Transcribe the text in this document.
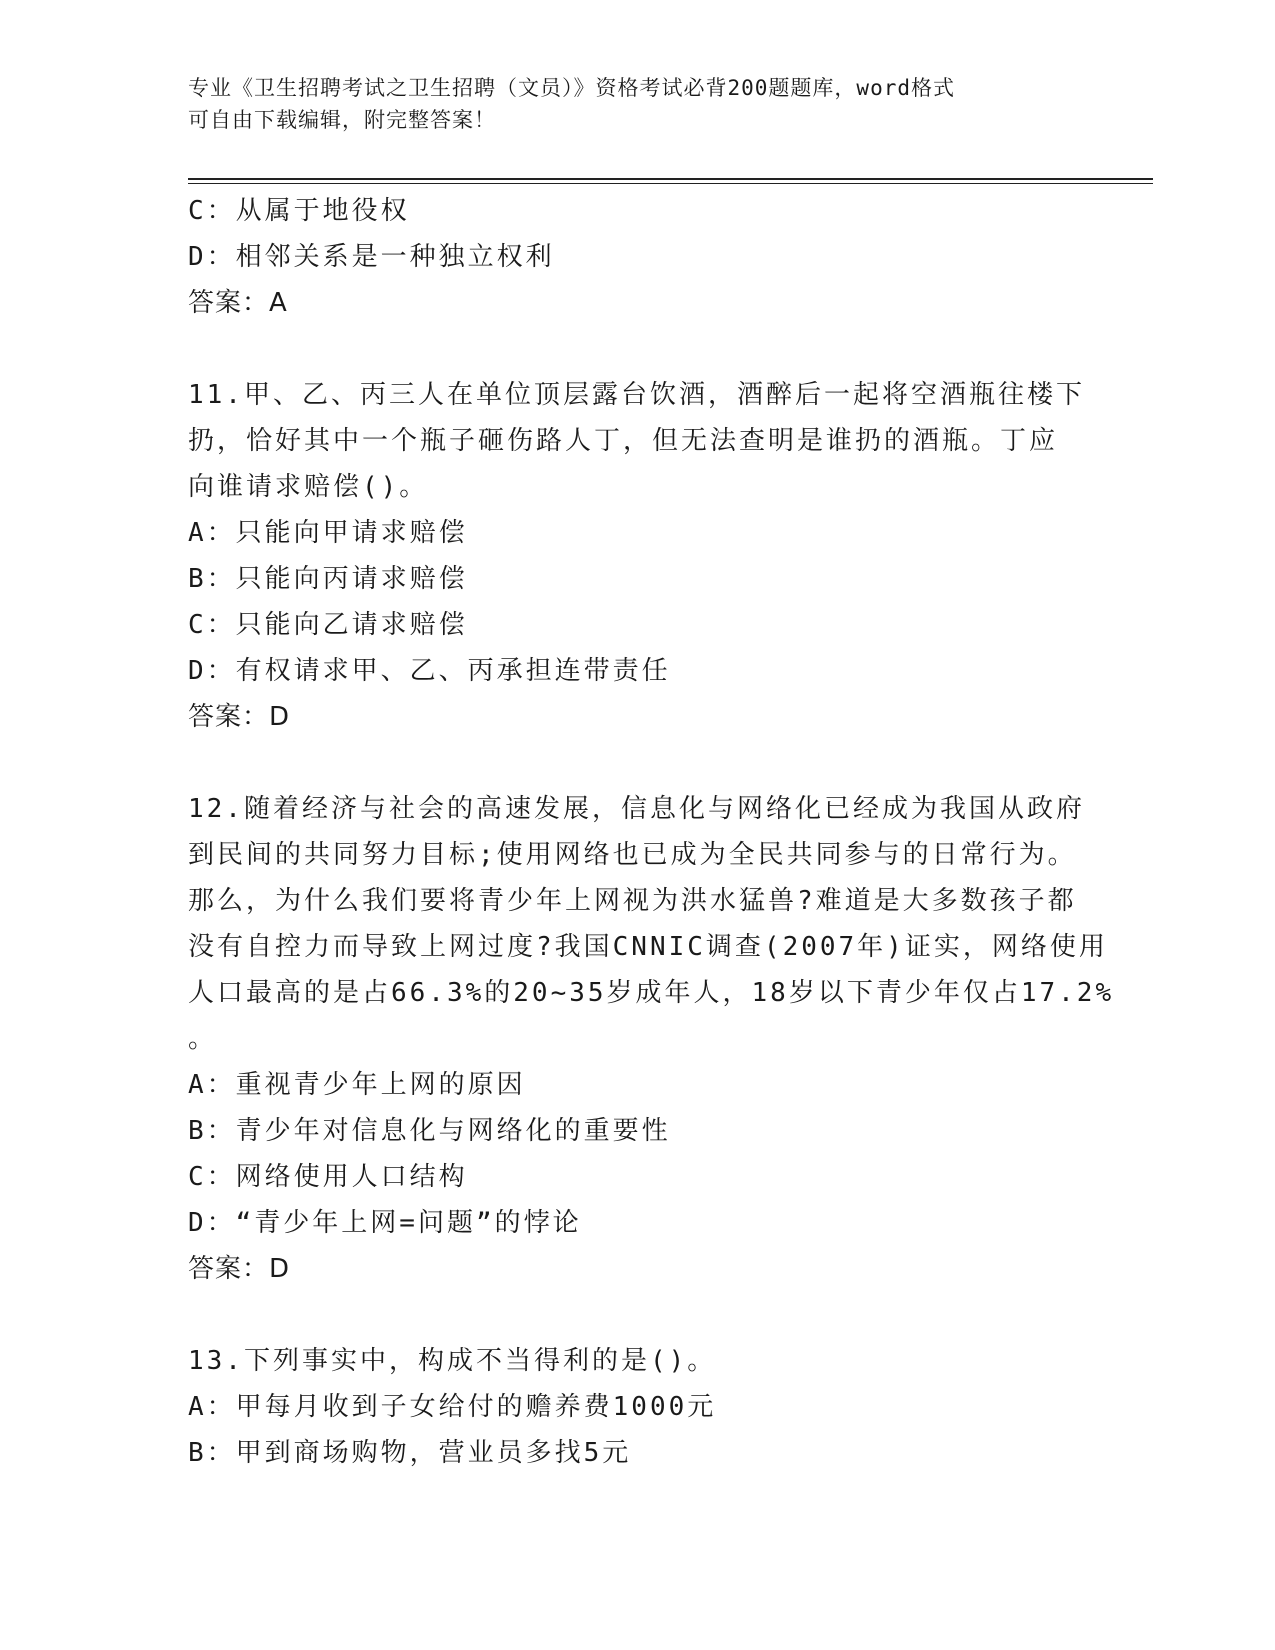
专业《卫生招聘考试之卫生招聘（文员）》资格考试必背200题题库，word格式
可自由下载编辑，附完整答案！
C：从属于地役权
D：相邻关系是一种独立权利
答案：A
11.甲、乙、丙三人在单位顶层露台饮酒，酒醉后一起将空酒瓶往楼下
扔，恰好其中一个瓶子砸伤路人丁，但无法查明是谁扔的酒瓶。丁应
向谁请求赔偿()。
A：只能向甲请求赔偿
B：只能向丙请求赔偿
C：只能向乙请求赔偿
D：有权请求甲、乙、丙承担连带责任
答案：D
12.随着经济与社会的高速发展，信息化与网络化已经成为我国从政府
到民间的共同努力目标;使用网络也已成为全民共同参与的日常行为。
那么，为什么我们要将青少年上网视为洪水猛兽?难道是大多数孩子都
没有自控力而导致上网过度?我国CNNIC调查(2007年)证实，网络使用
人口最高的是占66.3%的20~35岁成年人，18岁以下青少年仅占17.2%
。
A：重视青少年上网的原因
B：青少年对信息化与网络化的重要性
C：网络使用人口结构
D：“青少年上网=问题”的悖论
答案：D
13.下列事实中，构成不当得利的是()。
A：甲每月收到子女给付的赡养费1000元
B：甲到商场购物，营业员多找5元
